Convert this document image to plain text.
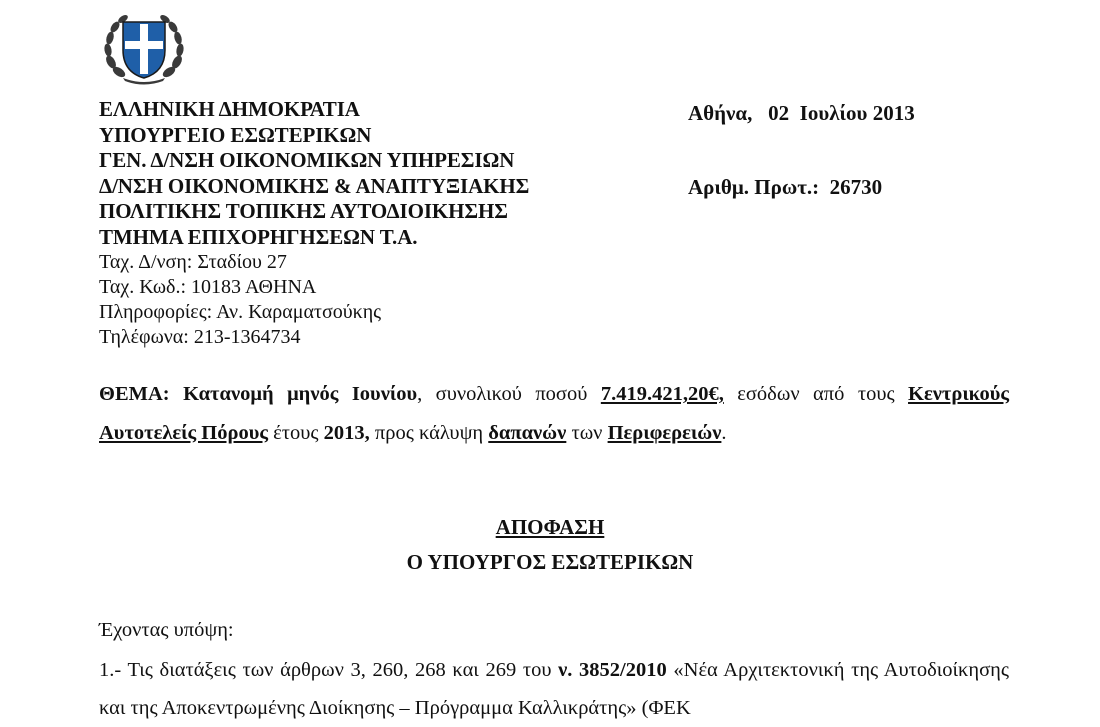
ΕΛΛΗΝΙΚΗ ΔΗΜΟΚΡΑΤΙΑ
ΥΠΟΥΡΓΕΙΟ ΕΣΩΤΕΡΙΚΩΝ
ΓΕΝ. Δ/ΝΣΗ ΟΙΚΟΝΟΜΙΚΩΝ ΥΠΗΡΕΣΙΩΝ
Δ/ΝΣΗ ΟΙΚΟΝΟΜΙΚΗΣ & ΑΝΑΠΤΥΞΙΑΚΗΣ
ΠΟΛΙΤΙΚΗΣ ΤΟΠΙΚΗΣ ΑΥΤΟΔΙΟΙΚΗΣΗΣ
ΤΜΗΜΑ ΕΠΙΧΟΡΗΓΗΣΕΩΝ Τ.Α.
Ταχ. Δ/νση: Σταδίου 27
Ταχ. Κωδ.: 10183 ΑΘΗΝΑ
Πληροφορίες: Αν. Καραματσούκης
Τηλέφωνα: 213-1364734
Αθήνα,   02  Ιουλίου 2013
Αριθμ. Πρωτ.:  26730
ΘΕΜΑ: Κατανομή μηνός Ιουνίου, συνολικού ποσού 7.419.421,20€, εσόδων από τους Κεντρικούς Αυτοτελείς Πόρους έτους 2013, προς κάλυψη δαπανών των Περιφερειών.
ΑΠΟΦΑΣΗ
Ο ΥΠΟΥΡΓΟΣ ΕΣΩΤΕΡΙΚΩΝ
Έχοντας υπόψη:
1.- Τις διατάξεις των άρθρων 3, 260, 268 και 269 του ν. 3852/2010 «Νέα Αρχιτεκτονική της Αυτοδιοίκησης και της Αποκεντρωμένης Διοίκησης – Πρόγραμμα Καλλικράτης» (ΦΕΚ
